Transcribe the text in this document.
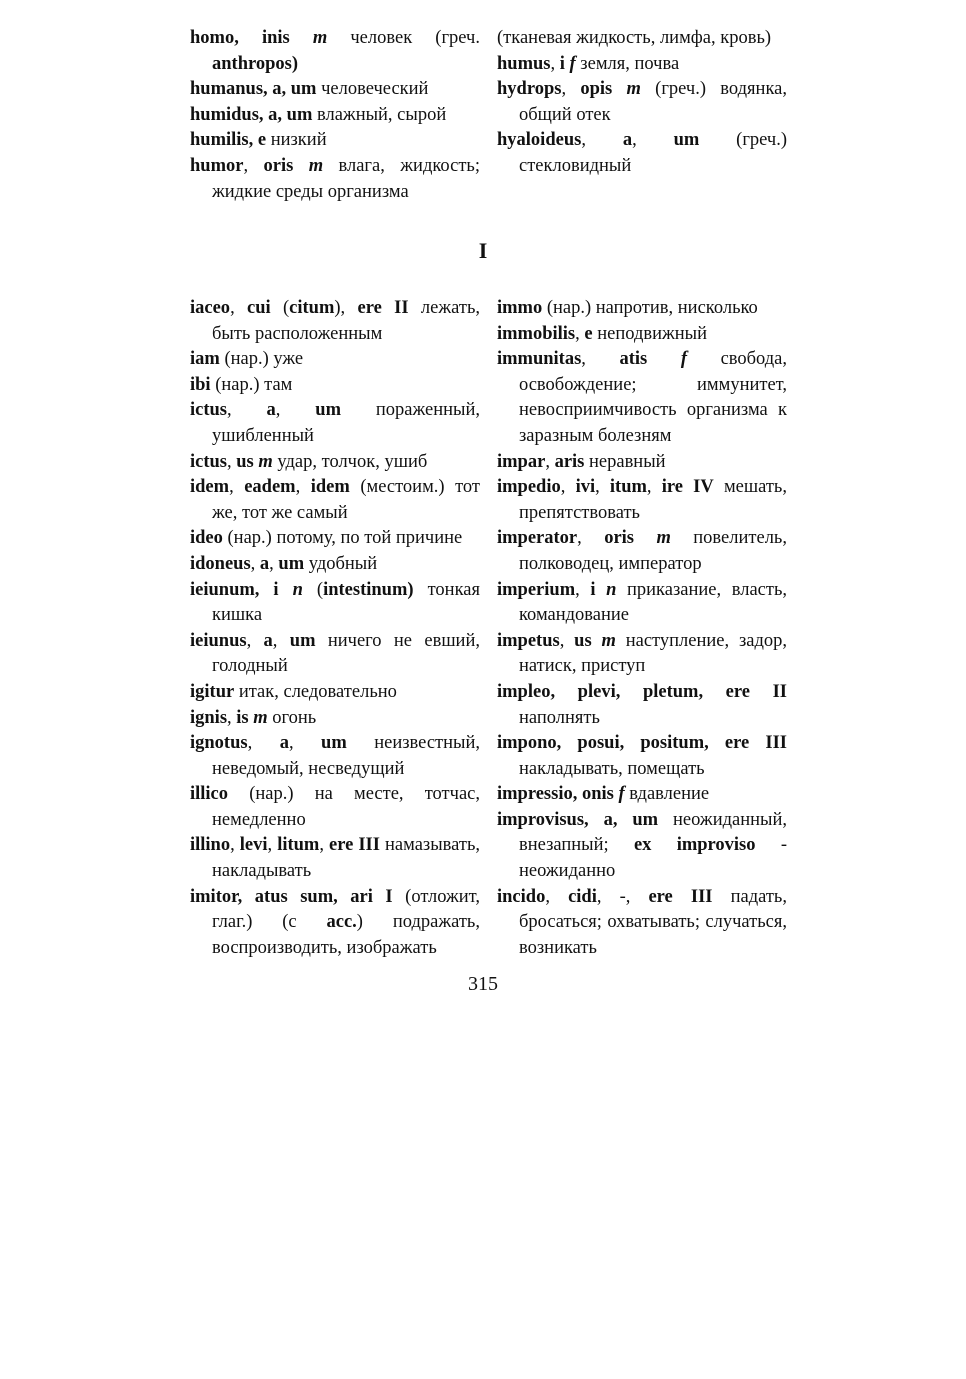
homo, inis m человек (греч. anthropos)

humanus, a, um человеческий

humidus, a, um влажный, сырой

humilis, e низкий

humor, oris m влага, жидкость; жидкие среды организма

(тканевая жидкость, лимфа, кровь)

humus, i f земля, почва

hydrops, opis m (греч.) водянка, общий отек

hyaloideus, a, um (греч.) стекловидный

I

iaceo, cui (citum), ere II лежать, быть расположенным

iam (нар.) уже

ibi (нар.) там

ictus, a, um пораженный, ушибленный

ictus, us m удар, толчок, ушиб

idem, eadem, idem (местоим.) тот же, тот же самый

ideo (нар.) потому, по той причине

idoneus, a, um удобный

ieiunum, i n (intestinum) тонкая кишка

ieiunus, a, um ничего не евший, голодный

igitur итак, следовательно

ignis, is m огонь

ignotus, a, um неизвестный, неведомый, несведущий

illico (нар.) на месте, тотчас, немедленно

illino, levi, litum, ere III намазывать, накладывать

imitor, atus sum, ari I (отложит, глаг.) (с acc.) подражать, воспроизводить, изображать

immo (нар.) напротив, нисколько

immobilis, e неподвижный

immunitas, atis f свобода, освобождение; иммунитет, невосприимчивость организма к заразным болезням

impar, aris неравный

impedio, ivi, itum, ire IV мешать, препятствовать

imperator, oris m повелитель, полководец, император

imperium, i n приказание, власть, командование

impetus, us m наступление, задор, натиск, приступ

impleo, plevi, pletum, ere II наполнять

impono, posui, positum, ere III накладывать, помещать

impressio, onis f вдавление

improvisus, a, um неожиданный, внезапный; ex improviso - неожиданно

incido, cidi, -, ere III падать, бросаться; охватывать; случаться, возникать

315
